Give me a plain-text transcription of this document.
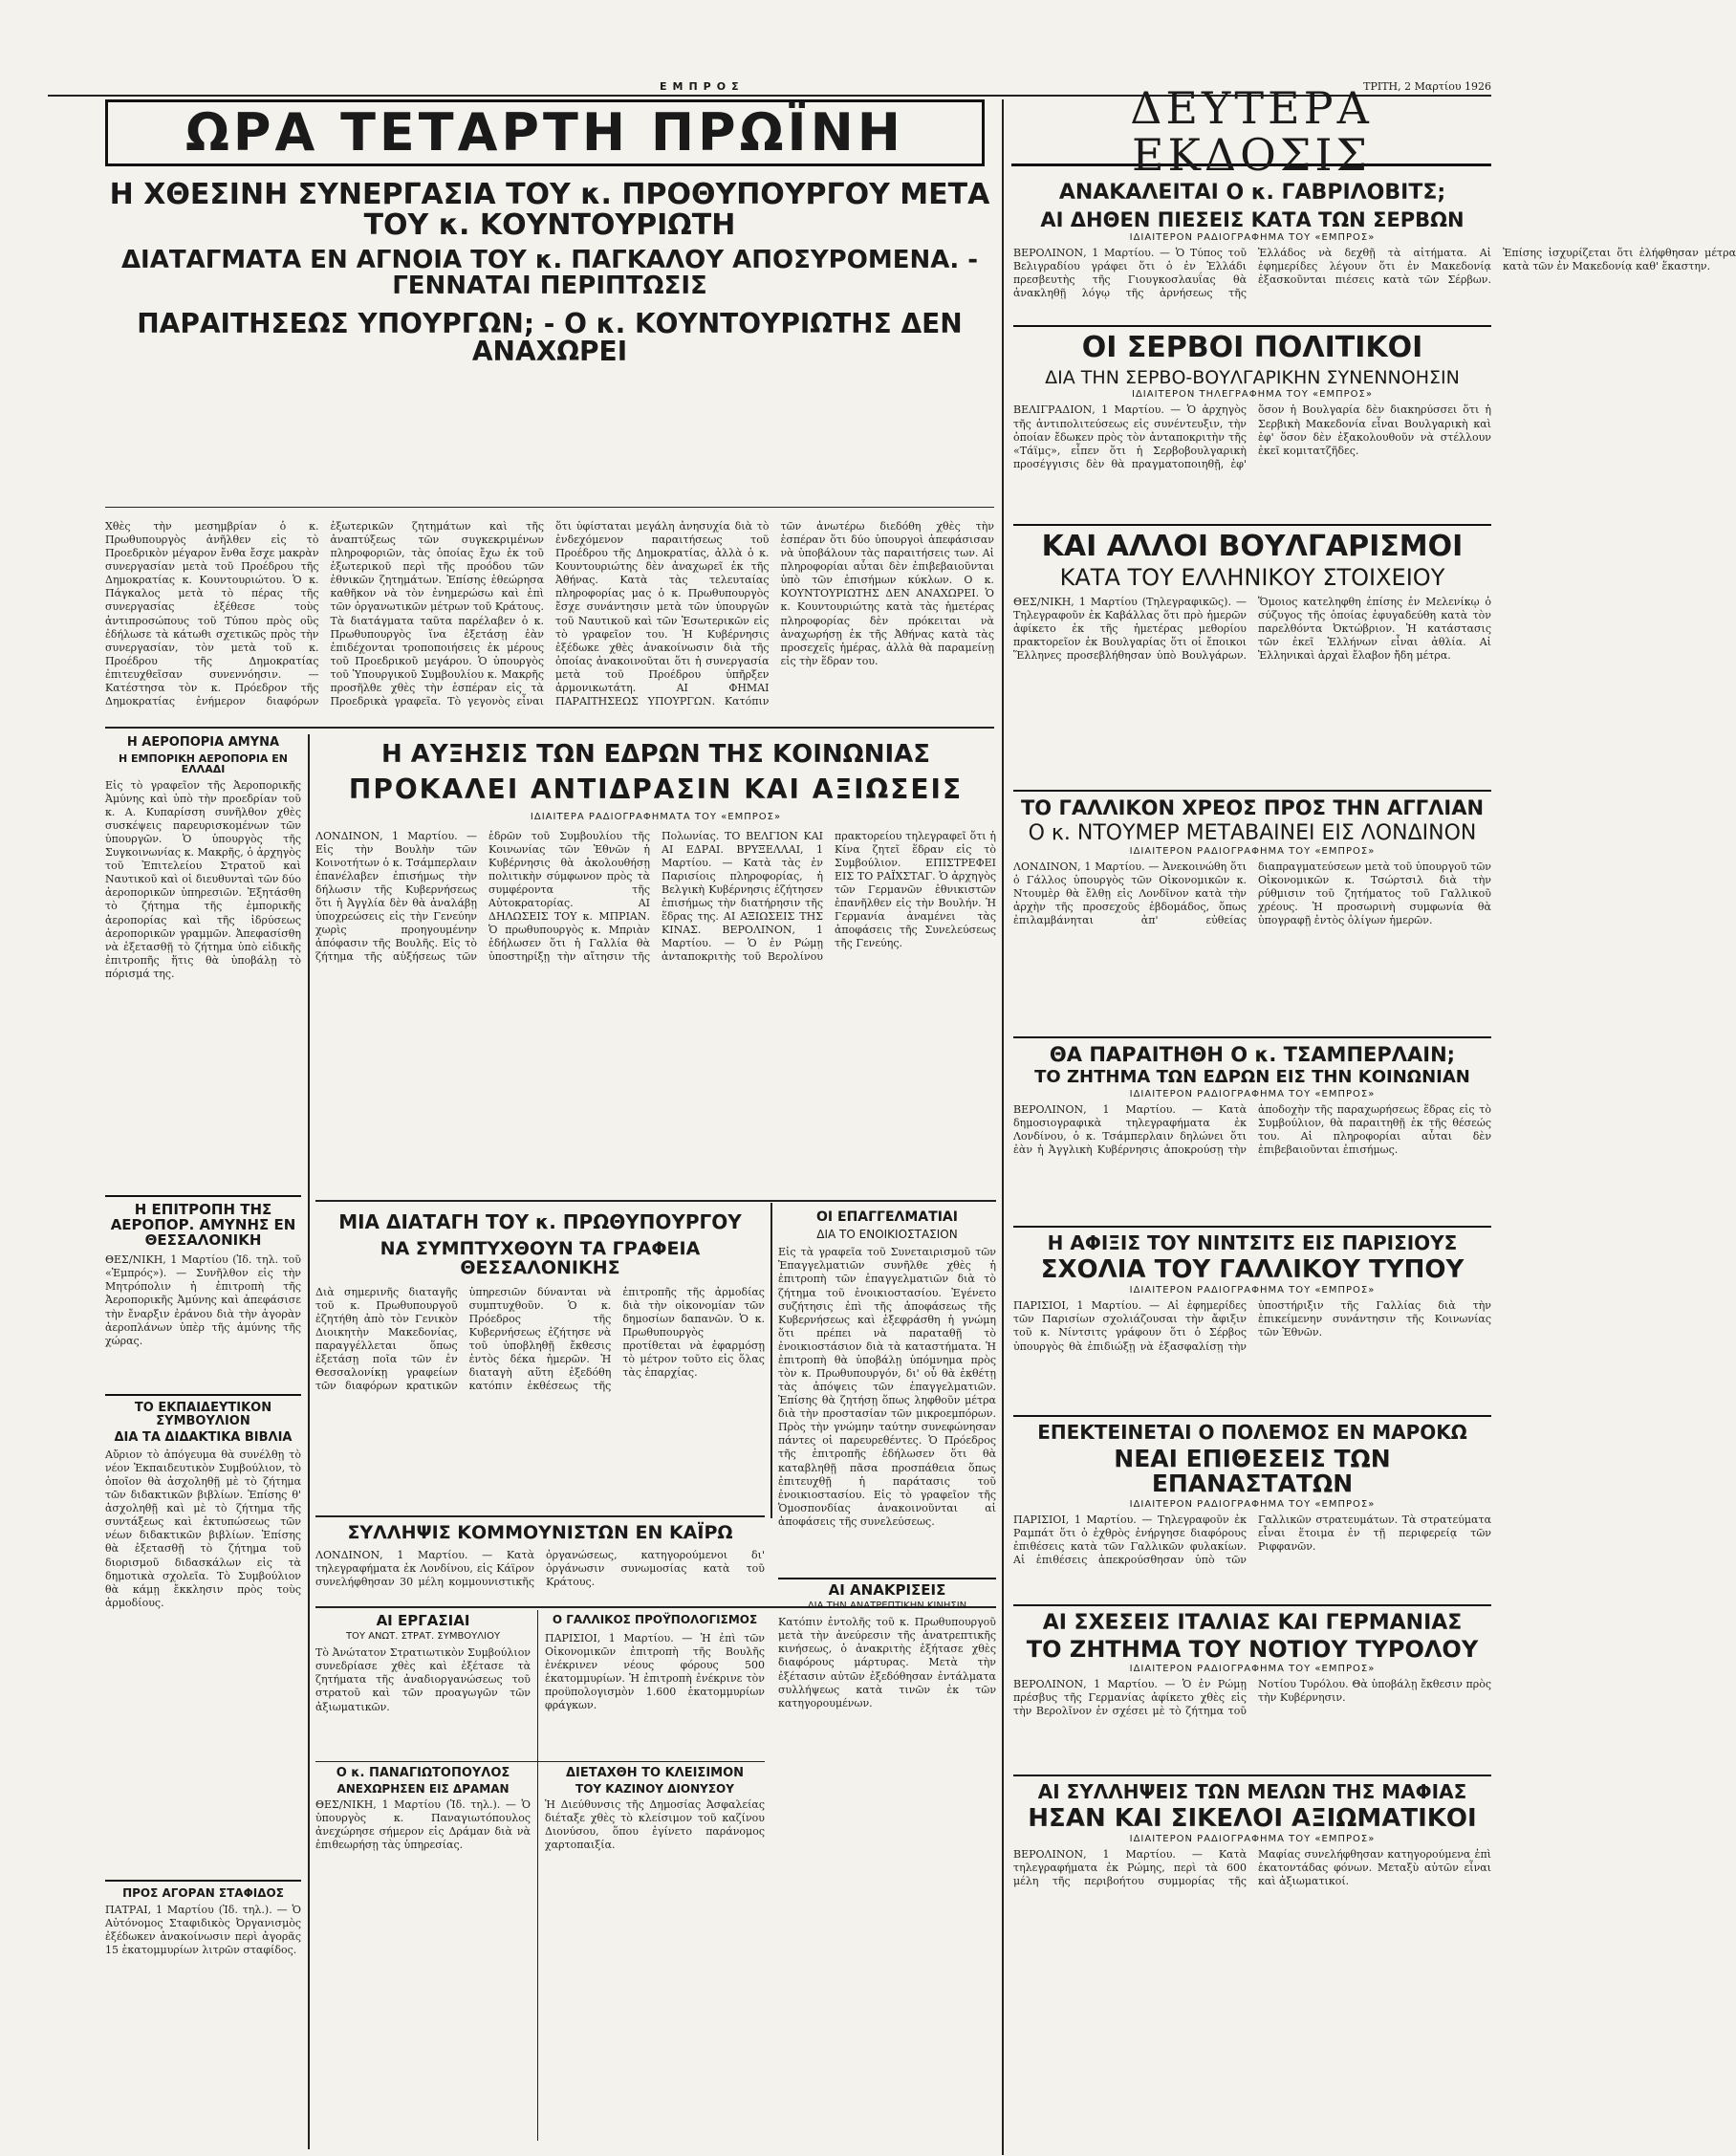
ΕΜΠΡΟΣ	ΤΡΙΤΗ, 2 Μαρτίου 1926
ΩΡΑ ΤΕΤΑΡΤΗ ΠΡΩΪΝΗ	ΔΕΥΤΕΡΑ ΕΚΔΟΣΙΣ
Η ΧΘΕΣΙΝΗ ΣΥΝΕΡΓΑΣΙΑ ΤΟΥ κ. ΠΡΟΘΥΠΟΥΡΓΟΥ ΜΕΤΑ ΤΟΥ κ. ΚΟΥΝΤΟΥΡΙΩΤΗ
ΔΙΑΤΑΓΜΑΤΑ ΕΝ ΑΓΝΟΙΑ ΤΟΥ κ. ΠΑΓΚΑΛΟΥ ΑΠΟΣΥΡΟΜΕΝΑ. - ΓΕΝΝΑΤΑΙ ΠΕΡΙΠΤΩΣΙΣ
ΠΑΡΑΙΤΗΣΕΩΣ ΥΠΟΥΡΓΩΝ; - Ο κ. ΚΟΥΝΤΟΥΡΙΩΤΗΣ ΔΕΝ ΑΝΑΧΩΡΕΙ

Χθὲς τὴν μεσημβρίαν ὁ κ. Πρωθυπουργὸς ἀνῆλθεν εἰς τὸ Προεδρικὸν μέγαρον ἔνθα ἔσχε μακρὰν συνεργασίαν μετὰ τοῦ Προέδρου τῆς Δημοκρατίας κ. Κουντουριώτου. Ὁ κ. Πάγκαλος μετὰ τὸ πέρας τῆς συνεργασίας ἐξέθεσε τοὺς ἀντιπροσώπους τοῦ Τύπου πρὸς οὓς ἐδήλωσε τὰ κάτωθι σχετικῶς πρὸς τὴν συνεργασίαν, τὸν μετὰ τοῦ κ. Προέδρου τῆς Δημοκρατίας ἐπιτευχθεῖσαν συνεννόησιν. — Κατέστησα τὸν κ. Πρόεδρον τῆς Δημοκρατίας ἐνήμερον διαφόρων ἐξωτερικῶν ζητημάτων καὶ τῆς ἀναπτύξεως τῶν συγκεκριμένων πληροφοριῶν, τὰς ὁποίας ἔχω ἐκ τοῦ ἐξωτερικοῦ περὶ τῆς προόδου τῶν ἐθνικῶν ζητημάτων. Ἐπίσης ἐθεώρησα καθῆκον νὰ τὸν ἐνημερώσω καὶ ἐπὶ τῶν ὀργανωτικῶν μέτρων τοῦ Κράτους. Τὰ διατάγματα ταῦτα παρέλαβεν ὁ κ. Πρωθυπουργὸς ἵνα ἐξετάσῃ ἐὰν ἐπιδέχονται τροποποιήσεις ἐκ μέρους τοῦ Προεδρικοῦ μεγάρου. Ὁ ὑπουργὸς τοῦ Ὑπουργικοῦ Συμβουλίου κ. Μακρῆς προσῆλθε χθὲς τὴν ἑσπέραν εἰς τὰ Προεδρικὰ γραφεῖα. Τὸ γεγονὸς εἶναι ὅτι ὑφίσταται μεγάλη ἀνησυχία διὰ τὸ ἐνδεχόμενον παραιτήσεως τοῦ Προέδρου τῆς Δημοκρατίας, ἀλλὰ ὁ κ. Κουντουριώτης δὲν ἀναχωρεῖ ἐκ τῆς Ἀθήνας. Κατὰ τὰς τελευταίας πληροφορίας μας ὁ κ. Πρωθυπουργὸς ἔσχε συνάντησιν μετὰ τῶν ὑπουργῶν τοῦ Ναυτικοῦ καὶ τῶν Ἐσωτερικῶν εἰς τὸ γραφεῖον του. Ἡ Κυβέρνησις ἐξέδωκε χθὲς ἀνακοίνωσιν διὰ τῆς ὁποίας ἀνακοινοῦται ὅτι ἡ συνεργασία μετὰ τοῦ Προέδρου ὑπῆρξεν ἀρμονικωτάτη. ΑΙ ΦΗΜΑΙ ΠΑΡΑΙΤΗΣΕΩΣ ΥΠΟΥΡΓΩΝ. Κατόπιν τῶν ἀνωτέρω διεδόθη χθὲς τὴν ἑσπέραν ὅτι δύο ὑπουργοὶ ἀπεφάσισαν νὰ ὑποβάλουν τὰς παραιτήσεις των. Αἱ πληροφορίαι αὗται δὲν ἐπιβεβαιοῦνται ὑπὸ τῶν ἐπισήμων κύκλων. Ο κ. ΚΟΥΝΤΟΥΡΙΩΤΗΣ ΔΕΝ ΑΝΑΧΩΡΕΙ. Ὁ κ. Κουντουριώτης κατὰ τὰς ἡμετέρας πληροφορίας δὲν πρόκειται νὰ ἀναχωρήσῃ ἐκ τῆς Ἀθήνας κατὰ τὰς προσεχεῖς ἡμέρας, ἀλλὰ θὰ παραμείνῃ εἰς τὴν ἕδραν του.

ΑΝΑΚΑΛΕΙΤΑΙ Ο κ. ΓΑΒΡΙΛΟΒΙΤΣ;
ΑΙ ΔΗΘΕΝ ΠΙΕΣΕΙΣ ΚΑΤΑ ΤΩΝ ΣΕΡΒΩΝ
ΙΔΙΑΙΤΕΡΟΝ ΡΑΔΙΟΓΡΑΦΗΜΑ ΤΟΥ «ΕΜΠΡΟΣ»

ΒΕΡΟΛΙΝΟΝ, 1 Μαρτίου. — Ὁ Τύπος τοῦ Βελιγραδίου γράφει ὅτι ὁ ἐν Ἑλλάδι πρεσβευτὴς τῆς Γιουγκοσλαυΐας θὰ ἀνακληθῇ λόγῳ τῆς ἀρνήσεως τῆς Ἑλλάδος νὰ δεχθῇ τὰ αἰτήματα. Αἱ ἐφημερίδες λέγουν ὅτι ἐν Μακεδονίᾳ ἐξασκοῦνται πιέσεις κατὰ τῶν Σέρβων. Ἐπίσης ἰσχυρίζεται ὅτι ἐλήφθησαν μέτρα κατὰ τῶν ἐν Μακεδονίᾳ καθ' ἕκαστην.

ΟΙ ΣΕΡΒΟΙ ΠΟΛΙΤΙΚΟΙ
ΔΙΑ ΤΗΝ ΣΕΡΒΟ-ΒΟΥΛΓΑΡΙΚΗΝ ΣΥΝΕΝΝΟΗΣΙΝ
ΙΔΙΑΙΤΕΡΟΝ ΤΗΛΕΓΡΑΦΗΜΑ ΤΟΥ «ΕΜΠΡΟΣ»

ΒΕΛΙΓΡΑΔΙΟΝ, 1 Μαρτίου. — Ὁ ἀρχηγὸς τῆς ἀντιπολιτεύσεως εἰς συνέντευξιν, τὴν ὁποίαν ἔδωκεν πρὸς τὸν ἀνταποκριτὴν τῆς «Τάϊμς», εἶπεν ὅτι ἡ Σερβοβουλγαρικὴ προσέγγισις δὲν θὰ πραγματοποιηθῇ, ἐφ' ὅσον ἡ Βουλγαρία δὲν διακηρύσσει ὅτι ἡ Σερβικὴ Μακεδονία εἶναι Βουλγαρικὴ καὶ ἐφ' ὅσον δὲν ἐξακολουθοῦν νὰ στέλλουν ἐκεῖ κομιτατζῆδες.

ΚΑΙ ΑΛΛΟΙ ΒΟΥΛΓΑΡΙΣΜΟΙ
ΚΑΤΑ ΤΟΥ ΕΛΛΗΝΙΚΟΥ ΣΤΟΙΧΕΙΟΥ

ΘΕΣ/ΝΙΚΗ, 1 Μαρτίου (Τηλεγραφικῶς). — Τηλεγραφοῦν ἐκ Καβάλλας ὅτι πρὸ ἡμερῶν ἀφίκετο ἐκ τῆς ἡμετέρας μεθορίου πρακτορεῖον ἐκ Βουλγαρίας ὅτι οἱ ἔποικοι Ἕλληνες προσεβλήθησαν ὑπὸ Βουλγάρων. Ὅμοιος κατεληφθη ἐπίσης ἐν Μελενίκῳ ὁ σύζυγος τῆς ὁποίας ἐφυγαδεύθη κατὰ τὸν παρελθόντα Ὀκτώβριον. Ἡ κατάστασις τῶν ἐκεῖ Ἑλλήνων εἶναι ἀθλία. Αἱ Ἑλληνικαὶ ἀρχαὶ ἔλαβον ἤδη μέτρα.

ΤΟ ΓΑΛΛΙΚΟΝ ΧΡΕΟΣ ΠΡΟΣ ΤΗΝ ΑΓΓΛΙΑΝ
Ο κ. ΝΤΟΥΜΕΡ ΜΕΤΑΒΑΙΝΕΙ ΕΙΣ ΛΟΝΔΙΝΟΝ
ΙΔΙΑΙΤΕΡΟΝ ΡΑΔΙΟΓΡΑΦΗΜΑ ΤΟΥ «ΕΜΠΡΟΣ»

ΛΟΝΔΙΝΟΝ, 1 Μαρτίου. — Ἀνεκοινώθη ὅτι ὁ Γάλλος ὑπουργὸς τῶν Οἰκονομικῶν κ. Ντουμὲρ θὰ ἔλθῃ εἰς Λονδῖνον κατὰ τὴν ἀρχὴν τῆς προσεχοῦς ἑβδομάδος, ὅπως ἐπιλαμβάνηται ἀπ' εὐθείας διαπραγματεύσεων μετὰ τοῦ ὑπουργοῦ τῶν Οἰκονομικῶν κ. Τσώρτσιλ διὰ τὴν ρύθμισιν τοῦ ζητήματος τοῦ Γαλλικοῦ χρέους. Ἡ προσωρινὴ συμφωνία θὰ ὑπογραφῇ ἐντὸς ὀλίγων ἡμερῶν.

ΘΑ ΠΑΡΑΙΤΗΘΗ Ο κ. ΤΣΑΜΠΕΡΛΑΙΝ;
ΤΟ ΖΗΤΗΜΑ ΤΩΝ ΕΔΡΩΝ ΕΙΣ ΤΗΝ ΚΟΙΝΩΝΙΑΝ
ΙΔΙΑΙΤΕΡΟΝ ΡΑΔΙΟΓΡΑΦΗΜΑ ΤΟΥ «ΕΜΠΡΟΣ»

ΒΕΡΟΛΙΝΟΝ, 1 Μαρτίου. — Κατὰ δημοσιογραφικὰ τηλεγραφήματα ἐκ Λονδίνου, ὁ κ. Τσάμπερλαιν δηλώνει ὅτι ἐὰν ἡ Ἀγγλικὴ Κυβέρνησις ἀποκρούσῃ τὴν ἀποδοχὴν τῆς παραχωρήσεως ἕδρας εἰς τὸ Συμβούλιον, θὰ παραιτηθῇ ἐκ τῆς θέσεώς του. Αἱ πληροφορίαι αὗται δὲν ἐπιβεβαιοῦνται ἐπισήμως.

Η ΑΦΙΞΙΣ ΤΟΥ ΝΙΝΤΣΙΤΣ ΕΙΣ ΠΑΡΙΣΙΟΥΣ
ΣΧΟΛΙΑ ΤΟΥ ΓΑΛΛΙΚΟΥ ΤΥΠΟΥ
ΙΔΙΑΙΤΕΡΟΝ ΡΑΔΙΟΓΡΑΦΗΜΑ ΤΟΥ «ΕΜΠΡΟΣ»

ΠΑΡΙΣΙΟΙ, 1 Μαρτίου. — Αἱ ἐφημερίδες τῶν Παρισίων σχολιάζουσαι τὴν ἄφιξιν τοῦ κ. Νίντσιτς γράφουν ὅτι ὁ Σέρβος ὑπουργὸς θὰ ἐπιδιώξῃ νὰ ἐξασφαλίσῃ τὴν ὑποστήριξιν τῆς Γαλλίας διὰ τὴν ἐπικείμενην συνάντησιν τῆς Κοινωνίας τῶν Ἐθνῶν.

ΕΠΕΚΤΕΙΝΕΤΑΙ Ο ΠΟΛΕΜΟΣ ΕΝ ΜΑΡΟΚΩ
ΝΕΑΙ ΕΠΙΘΕΣΕΙΣ ΤΩΝ ΕΠΑΝΑΣΤΑΤΩΝ
ΙΔΙΑΙΤΕΡΟΝ ΡΑΔΙΟΓΡΑΦΗΜΑ ΤΟΥ «ΕΜΠΡΟΣ»

ΠΑΡΙΣΙΟΙ, 1 Μαρτίου. — Τηλεγραφοῦν ἐκ Ραμπάτ ὅτι ὁ ἐχθρὸς ἐνήργησε διαφόρους ἐπιθέσεις κατὰ τῶν Γαλλικῶν φυλακίων. Αἱ ἐπιθέσεις ἀπεκρούσθησαν ὑπὸ τῶν Γαλλικῶν στρατευμάτων. Τὰ στρατεύματα εἶναι ἕτοιμα ἐν τῇ περιφερείᾳ τῶν Ριφφανῶν.

ΑΙ ΣΧΕΣΕΙΣ ΙΤΑΛΙΑΣ ΚΑΙ ΓΕΡΜΑΝΙΑΣ
ΤΟ ΖΗΤΗΜΑ ΤΟΥ ΝΟΤΙΟΥ ΤΥΡΟΛΟΥ
ΙΔΙΑΙΤΕΡΟΝ ΡΑΔΙΟΓΡΑΦΗΜΑ ΤΟΥ «ΕΜΠΡΟΣ»

ΒΕΡΟΛΙΝΟΝ, 1 Μαρτίου. — Ὁ ἐν Ρώμῃ πρέσβυς τῆς Γερμανίας ἀφίκετο χθὲς εἰς τὴν Βερολῖνον ἐν σχέσει μὲ τὸ ζήτημα τοῦ Νοτίου Τυρόλου. Θὰ ὑποβάλῃ ἔκθεσιν πρὸς τὴν Κυβέρνησιν.

ΑΙ ΣΥΛΛΗΨΕΙΣ ΤΩΝ ΜΕΛΩΝ ΤΗΣ ΜΑΦΙΑΣ
ΗΣΑΝ ΚΑΙ ΣΙΚΕΛΟΙ ΑΞΙΩΜΑΤΙΚΟΙ
ΙΔΙΑΙΤΕΡΟΝ ΡΑΔΙΟΓΡΑΦΗΜΑ ΤΟΥ «ΕΜΠΡΟΣ»

ΒΕΡΟΛΙΝΟΝ, 1 Μαρτίου. — Κατὰ τηλεγραφήματα ἐκ Ρώμης, περὶ τὰ 600 μέλη τῆς περιβοήτου συμμορίας τῆς Μαφίας συνελήφθησαν κατηγορούμενα ἐπὶ ἑκατοντάδας φόνων. Μεταξὺ αὐτῶν εἶναι καὶ ἀξιωματικοί.

Η ΑΕΡΟΠΟΡΙΑ ΑΜΥΝΑ
Η ΕΜΠΟΡΙΚΗ ΑΕΡΟΠΟΡΙΑ ΕΝ ΕΛΛΑΔΙ

Εἰς τὸ γραφεῖον τῆς Ἀεροπορικῆς Ἀμύνης καὶ ὑπὸ τὴν προεδρίαν τοῦ κ. Α. Κυπαρίσση συνῆλθον χθὲς συσκέψεις παρευρισκομένων τῶν ὑπουργῶν. Ὁ ὑπουργὸς τῆς Συγκοινωνίας κ. Μακρῆς, ὁ ἀρχηγὸς τοῦ Ἐπιτελείου Στρατοῦ καὶ Ναυτικοῦ καὶ οἱ διευθυνταὶ τῶν δύο ἀεροπορικῶν ὑπηρεσιῶν. Ἐξητάσθη τὸ ζήτημα τῆς ἐμπορικῆς ἀεροπορίας καὶ τῆς ἱδρύσεως ἀεροπορικῶν γραμμῶν. Ἀπεφασίσθη νὰ ἐξετασθῇ τὸ ζήτημα ὑπὸ εἰδικῆς ἐπιτροπῆς ἥτις θὰ ὑποβάλῃ τὸ πόρισμά της.

Η ΕΠΙΤΡΟΠΗ ΤΗΣ ΑΕΡΟΠΟΡ. ΑΜΥΝΗΣ ΕΝ ΘΕΣΣΑΛΟΝΙΚΗ

ΘΕΣ/ΝΙΚΗ, 1 Μαρτίου (Ἰδ. τηλ. τοῦ «Ἐμπρός»). — Συνῆλθον εἰς τὴν Μητρόπολιν ἡ ἐπιτροπὴ τῆς Ἀεροπορικῆς Ἀμύνης καὶ ἀπεφάσισε τὴν ἔναρξιν ἐράνου διὰ τὴν ἀγορὰν ἀεροπλάνων ὑπὲρ τῆς ἀμύνης τῆς χώρας.

ΤΟ ΕΚΠΑΙΔΕΥΤΙΚΟΝ ΣΥΜΒΟΥΛΙΟΝ
ΔΙΑ ΤΑ ΔΙΔΑΚΤΙΚΑ ΒΙΒΛΙΑ

Αὔριον τὸ ἀπόγευμα θὰ συνέλθῃ τὸ νέον Ἐκπαιδευτικὸν Συμβούλιον, τὸ ὁποῖον θὰ ἀσχοληθῇ μὲ τὸ ζήτημα τῶν διδακτικῶν βιβλίων. Ἐπίσης θ' ἀσχοληθῇ καὶ μὲ τὸ ζήτημα τῆς συντάξεως καὶ ἐκτυπώσεως τῶν νέων διδακτικῶν βιβλίων. Ἐπίσης θὰ ἐξετασθῇ τὸ ζήτημα τοῦ διορισμοῦ διδασκάλων εἰς τὰ δημοτικὰ σχολεῖα. Τὸ Συμβούλιον θὰ κάμῃ ἔκκλησιν πρὸς τοὺς ἁρμοδίους.

ΠΡΟΣ ΑΓΟΡΑΝ ΣΤΑΦΙΔΟΣ

ΠΑΤΡΑΙ, 1 Μαρτίου (Ἰδ. τηλ.). — Ὁ Αὐτόνομος Σταφιδικὸς Ὀργανισμὸς ἐξέδωκεν ἀνακοίνωσιν περὶ ἀγορᾶς 15 ἑκατομμυρίων λιτρῶν σταφίδος.

Η ΑΥΞΗΣΙΣ ΤΩΝ ΕΔΡΩΝ ΤΗΣ ΚΟΙΝΩΝΙΑΣ
ΠΡΟΚΑΛΕΙ ΑΝΤΙΔΡΑΣΙΝ ΚΑΙ ΑΞΙΩΣΕΙΣ
ΙΔΙΑΙΤΕΡΑ ΡΑΔΙΟΓΡΑΦΗΜΑΤΑ ΤΟΥ «ΕΜΠΡΟΣ»

ΛΟΝΔΙΝΟΝ, 1 Μαρτίου. — Εἰς τὴν Βουλὴν τῶν Κοινοτήτων ὁ κ. Τσάμπερλαιν ἐπανέλαβεν ἐπισήμως τὴν δήλωσιν τῆς Κυβερνήσεως ὅτι ἡ Ἀγγλία δὲν θὰ ἀναλάβῃ ὑποχρεώσεις εἰς τὴν Γενεύην χωρὶς προηγουμένην ἀπόφασιν τῆς Βουλῆς. Εἰς τὸ ζήτημα τῆς αὐξήσεως τῶν ἑδρῶν τοῦ Συμβουλίου τῆς Κοινωνίας τῶν Ἐθνῶν ἡ Κυβέρνησις θὰ ἀκολουθήσῃ πολιτικὴν σύμφωνον πρὸς τὰ συμφέροντα τῆς Αὐτοκρατορίας. ΑΙ ΔΗΛΩΣΕΙΣ ΤΟΥ κ. ΜΠΡΙΑΝ. Ὁ πρωθυπουργὸς κ. Μπριὰν ἐδήλωσεν ὅτι ἡ Γαλλία θὰ ὑποστηρίξῃ τὴν αἴτησιν τῆς Πολωνίας. ΤΟ ΒΕΛΓΙΟΝ ΚΑΙ ΑΙ ΕΔΡΑΙ. ΒΡΥΞΕΛΛΑΙ, 1 Μαρτίου. — Κατὰ τὰς ἐν Παρισίοις πληροφορίας, ἡ Βελγικὴ Κυβέρνησις ἐζήτησεν ἐπισήμως τὴν διατήρησιν τῆς ἕδρας της. ΑΙ ΑΞΙΩΣΕΙΣ ΤΗΣ ΚΙΝΑΣ. ΒΕΡΟΛΙΝΟΝ, 1 Μαρτίου. — Ὁ ἐν Ρώμῃ ἀνταποκριτὴς τοῦ Βερολίνου πρακτορείου τηλεγραφεῖ ὅτι ἡ Κίνα ζητεῖ ἕδραν εἰς τὸ Συμβούλιον. ΕΠΙΣΤΡΕΦΕΙ ΕΙΣ ΤΟ ΡΑΪΧΣΤΑΓ. Ὁ ἀρχηγὸς τῶν Γερμανῶν ἐθνικιστῶν ἐπανῆλθεν εἰς τὴν Βουλήν. Ἡ Γερμανία ἀναμένει τὰς ἀποφάσεις τῆς Συνελεύσεως τῆς Γενεύης.

ΜΙΑ ΔΙΑΤΑΓΗ ΤΟΥ κ. ΠΡΩΘΥΠΟΥΡΓΟΥ
ΝΑ ΣΥΜΠΤΥΧΘΟΥΝ ΤΑ ΓΡΑΦΕΙΑ ΘΕΣΣΑΛΟΝΙΚΗΣ

Διὰ σημερινῆς διαταγῆς τοῦ κ. Πρωθυπουργοῦ ἐζητήθη ἀπὸ τὸν Γενικὸν Διοικητὴν Μακεδονίας, παραγγέλλεται ὅπως ἐξετάσῃ ποῖα τῶν ἐν Θεσσαλονίκῃ γραφείων τῶν διαφόρων κρατικῶν ὑπηρεσιῶν δύνανται νὰ συμπτυχθοῦν. Ὁ κ. Πρόεδρος τῆς Κυβερνήσεως ἐζήτησε νὰ τοῦ ὑποβληθῇ ἔκθεσις ἐντὸς δέκα ἡμερῶν. Ἡ διαταγὴ αὕτη ἐξεδόθη κατόπιν ἐκθέσεως τῆς ἐπιτροπῆς τῆς ἀρμοδίας διὰ τὴν οἰκονομίαν τῶν δημοσίων δαπανῶν. Ὁ κ. Πρωθυπουργὸς προτίθεται νὰ ἐφαρμόσῃ τὸ μέτρον τοῦτο εἰς ὅλας τὰς ἐπαρχίας.

ΟΙ ΕΠΑΓΓΕΛΜΑΤΙΑΙ
ΔΙΑ ΤΟ ΕΝΟΙΚΙΟΣΤΑΣΙΟΝ

Εἰς τὰ γραφεῖα τοῦ Συνεταιρισμοῦ τῶν Ἐπαγγελματιῶν συνῆλθε χθὲς ἡ ἐπιτροπὴ τῶν ἐπαγγελματιῶν διὰ τὸ ζήτημα τοῦ ἐνοικιοστασίου. Ἐγένετο συζήτησις ἐπὶ τῆς ἀποφάσεως τῆς Κυβερνήσεως καὶ ἐξεφράσθη ἡ γνώμη ὅτι πρέπει νὰ παραταθῇ τὸ ἐνοικιοστάσιον διὰ τὰ καταστήματα. Ἡ ἐπιτροπὴ θὰ ὑποβάλῃ ὑπόμνημα πρὸς τὸν κ. Πρωθυπουργόν, δι' οὗ θὰ ἐκθέτῃ τὰς ἀπόψεις τῶν ἐπαγγελματιῶν. Ἐπίσης θὰ ζητήσῃ ὅπως ληφθοῦν μέτρα διὰ τὴν προστασίαν τῶν μικροεμπόρων. Πρὸς τὴν γνώμην ταύτην συνεφώνησαν πάντες οἱ παρευρεθέντες. Ὁ Πρόεδρος τῆς ἐπιτροπῆς ἐδήλωσεν ὅτι θὰ καταβληθῇ πᾶσα προσπάθεια ὅπως ἐπιτευχθῇ ἡ παράτασις τοῦ ἐνοικιοστασίου. Εἰς τὸ γραφεῖον τῆς Ὁμοσπονδίας ἀνακοινοῦνται αἱ ἀποφάσεις τῆς συνελεύσεως.

ΣΥΛΛΗΨΙΣ ΚΟΜΜΟΥΝΙΣΤΩΝ ΕΝ ΚΑΪΡΩ

ΛΟΝΔΙΝΟΝ, 1 Μαρτίου. — Κατὰ τηλεγραφήματα ἐκ Λονδίνου, εἰς Κάϊρον συνελήφθησαν 30 μέλη κομμουνιστικῆς ὀργανώσεως, κατηγορούμενοι δι' ὀργάνωσιν συνωμοσίας κατὰ τοῦ Κράτους.

ΑΙ ΕΡΓΑΣΙΑΙ
ΤΟΥ ΑΝΩΤ. ΣΤΡΑΤ. ΣΥΜΒΟΥΛΙΟΥ

Τὸ Ἀνώτατον Στρατιωτικὸν Συμβούλιον συνεδρίασε χθὲς καὶ ἐξέτασε τὰ ζητήματα τῆς ἀναδιοργανώσεως τοῦ στρατοῦ καὶ τῶν προαγωγῶν τῶν ἀξιωματικῶν.

Ο ΓΑΛΛΙΚΟΣ ΠΡΟΫΠΟΛΟΓΙΣΜΟΣ

ΠΑΡΙΣΙΟΙ, 1 Μαρτίου. — Ἡ ἐπὶ τῶν Οἰκονομικῶν ἐπιτροπὴ τῆς Βουλῆς ἐνέκρινεν νέους φόρους 500 ἑκατομμυρίων. Ἡ ἐπιτροπὴ ἐνέκρινε τὸν προϋπολογισμὸν 1.600 ἑκατομμυρίων φράγκων.

ΑΙ ΑΝΑΚΡΙΣΕΙΣ
ΔΙΑ ΤΗΝ ΑΝΑΤΡΕΠΤΙΚΗΝ ΚΙΝΗΣΙΝ

Κατόπιν ἐντολῆς τοῦ κ. Πρωθυπουργοῦ μετὰ τὴν ἀνεύρεσιν τῆς ἀνατρεπτικῆς κινήσεως, ὁ ἀνακριτὴς ἐξήτασε χθὲς διαφόρους μάρτυρας. Μετὰ τὴν ἐξέτασιν αὐτῶν ἐξεδόθησαν ἐντάλματα συλλήψεως κατὰ τινῶν ἐκ τῶν κατηγορουμένων.

Ο κ. ΠΑΝΑΓΙΩΤΟΠΟΥΛΟΣ
ΑΝΕΧΩΡΗΣΕΝ ΕΙΣ ΔΡΑΜΑΝ

ΘΕΣ/ΝΙΚΗ, 1 Μαρτίου (Ἰδ. τηλ.). — Ὁ ὑπουργὸς κ. Παναγιωτόπουλος ἀνεχώρησε σήμερον εἰς Δράμαν διὰ νὰ ἐπιθεωρήσῃ τὰς ὑπηρεσίας.

ΔΙΕΤΑΧΘΗ ΤΟ ΚΛΕΙΣΙΜΟΝ
ΤΟΥ ΚΑΖΙΝΟΥ ΔΙΟΝΥΣΟΥ

Ἡ Διεύθυνσις τῆς Δημοσίας Ἀσφαλείας διέταξε χθὲς τὸ κλείσιμον τοῦ καζίνου Διονύσου, ὅπου ἐγίνετο παράνομος χαρτοπαιξία.
